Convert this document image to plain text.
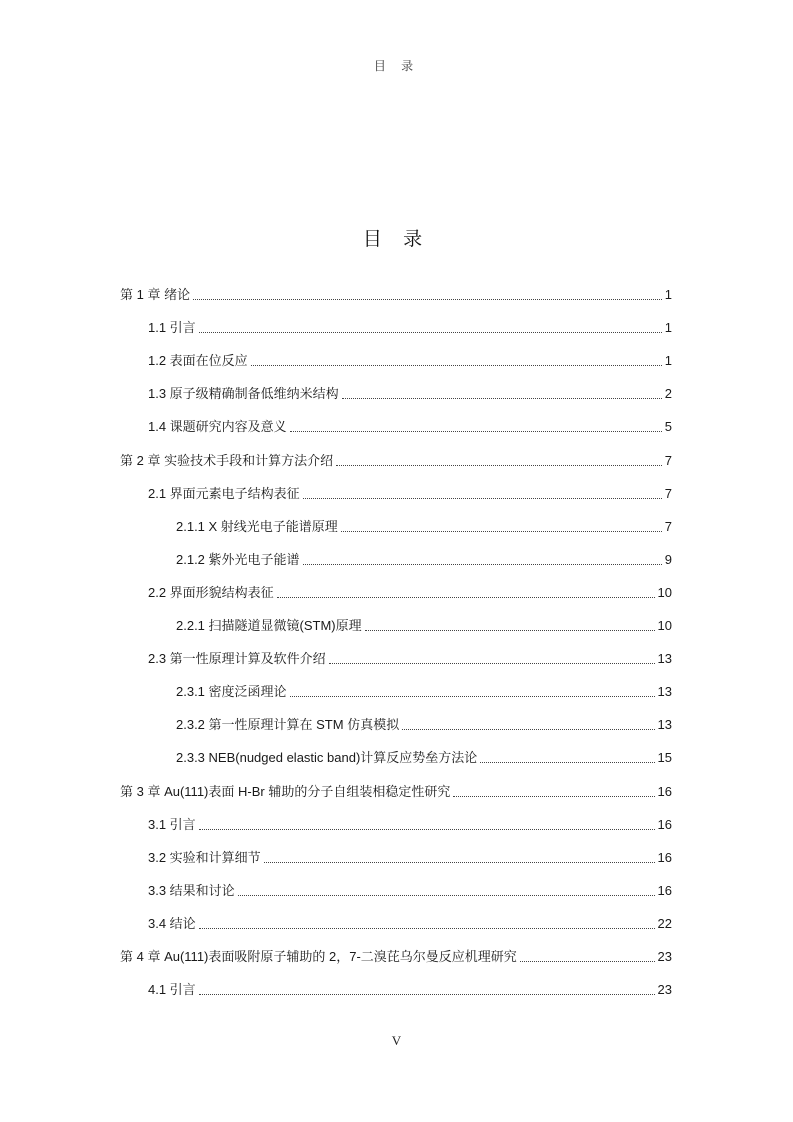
目 录
目 录
第 1 章 绪论	1
1.1 引言	1
1.2 表面在位反应	1
1.3 原子级精确制备低维纳米结构	2
1.4 课题研究内容及意义	5
第 2 章 实验技术手段和计算方法介绍	7
2.1 界面元素电子结构表征	7
2.1.1 X 射线光电子能谱原理	7
2.1.2 紫外光电子能谱	9
2.2 界面形貌结构表征	10
2.2.1 扫描隧道显微镜(STM)原理	10
2.3 第一性原理计算及软件介绍	13
2.3.1 密度泛函理论	13
2.3.2 第一性原理计算在 STM 仿真模拟	13
2.3.3 NEB(nudged elastic band)计算反应势垒方法论	15
第 3 章 Au(111)表面 H-Br 辅助的分子自组装相稳定性研究	16
3.1 引言	16
3.2 实验和计算细节	16
3.3 结果和讨论	16
3.4 结论	22
第 4 章 Au(111)表面吸附原子辅助的 2，7-二溴芘乌尔曼反应机理研究	23
4.1 引言	23
V
